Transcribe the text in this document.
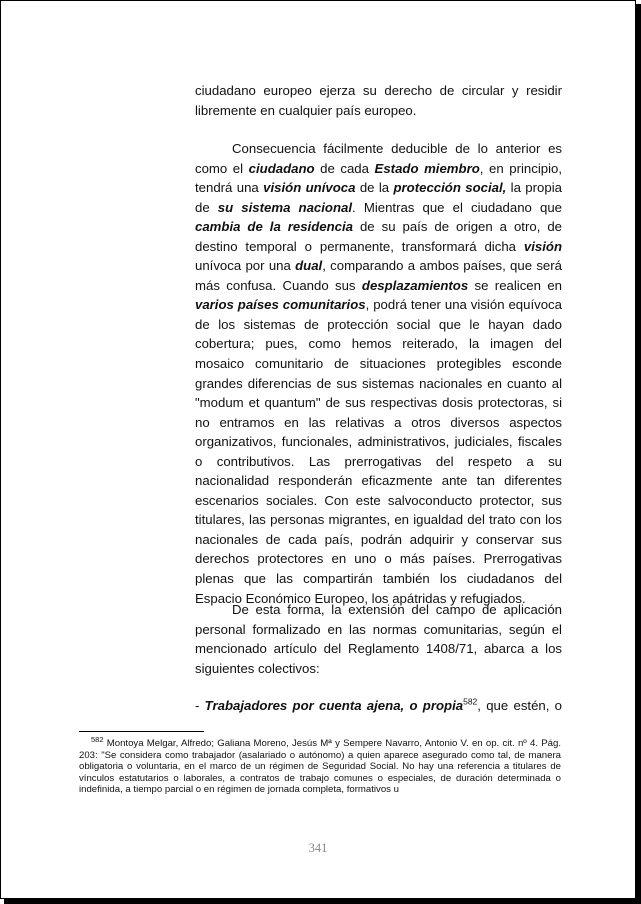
ciudadano europeo ejerza su derecho de circular y residir libremente en cualquier país europeo.

Consecuencia fácilmente deducible de lo anterior es como el ciudadano de cada Estado miembro, en principio, tendrá una visión unívoca de la protección social, la propia de su sistema nacional. Mientras que el ciudadano que cambia de la residencia de su país de origen a otro, de destino temporal o permanente, transformará dicha visión unívoca por una dual, comparando a ambos países, que será más confusa. Cuando sus desplazamientos se realicen en varios países comunitarios, podrá tener una visión equívoca de los sistemas de protección social que le hayan dado cobertura; pues, como hemos reiterado, la imagen del mosaico comunitario de situaciones protegibles esconde grandes diferencias de sus sistemas nacionales en cuanto al "modum et quantum" de sus respectivas dosis protectoras, si no entramos en las relativas a otros diversos aspectos organizativos, funcionales, administrativos, judiciales, fiscales o contributivos. Las prerrogativas del respeto a su nacionalidad responderán eficazmente ante tan diferentes escenarios sociales. Con este salvoconducto protector, sus titulares, las personas migrantes, en igualdad del trato con los nacionales de cada país, podrán adquirir y conservar sus derechos protectores en uno o más países. Prerrogativas plenas que las compartirán también los ciudadanos del Espacio Económico Europeo, los apátridas y refugiados.

De esta forma, la extensión del campo de aplicación personal formalizado en las normas comunitarias, según el mencionado artículo del Reglamento 1408/71, abarca a los siguientes colectivos:

- Trabajadores por cuenta ajena, o propia$^{582}$, que estén, o

$^{582}$ Montoya Melgar, Alfredo; Galiana Moreno, Jesús Mª y Sempere Navarro, Antonio V. en op. cit. nº 4. Pág. 203: "Se considera como trabajador (asalariado o autónomo) a quien aparece asegurado como tal, de manera obligatoria o voluntaria, en el marco de un régimen de Seguridad Social. No hay una referencia a titulares de vínculos estatutarios o laborales, a contratos de trabajo comunes o especiales, de duración determinada o indefinida, a tiempo parcial o en régimen de jornada completa, formativos u

341
